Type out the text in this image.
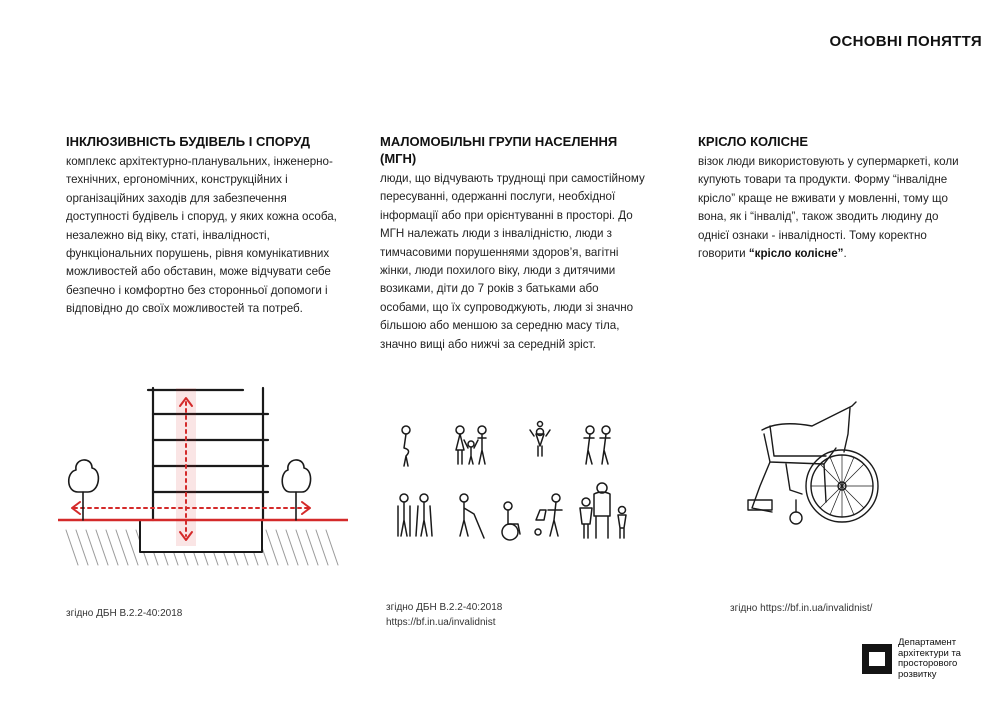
ОСНОВНІ ПОНЯТТЯ
ІНКЛЮЗИВНІСТЬ БУДІВЕЛЬ І СПОРУД

комплекс архітектурно-планувальних, інженерно-технічних, ергономічних, конструкційних і організаційних заходів для забезпечення доступності будівель і споруд, у яких кожна особа, незалежно від віку, статі, інвалідності, функціональних порушень, рівня комунікативних можливостей або обставин, може відчувати себе безпечно і комфортно без сторонньої допомоги і відповідно до своїх можливостей та потреб.

МАЛОМОБІЛЬНІ ГРУПИ НАСЕЛЕННЯ (МГН)

люди, що відчувають труднощі при самостійному пересуванні, одержанні послуги, необхідної інформації або при орієнтуванні в просторі. До МГН належать люди з інвалідністю, люди з тимчасовими порушеннями здоров’я, вагітні жінки, люди похилого віку, люди з дитячими возиками, діти до 7 років з батьками або особами, що їх супроводжують, люди зі значно більшою або меншою за середню масу тіла, значно вищі або нижчі за середній зріст.

КРІСЛО КОЛІСНЕ

візок люди використовують у супермаркеті, коли купують товари та продукти. Форму “інвалідне крісло” краще не вживати у мовленні, тому що вона, як і “інвалід”, також зводить людину до однієї ознаки - інвалідності. Тому коректно говорити “крісло колісне”.

згідно ДБН В.2.2-40:2018
згідно ДБН В.2.2-40:2018
https://bf.in.ua/invalidnist
згідно https://bf.in.ua/invalidnist/
Департамент
архітектури та
просторового розвитку
